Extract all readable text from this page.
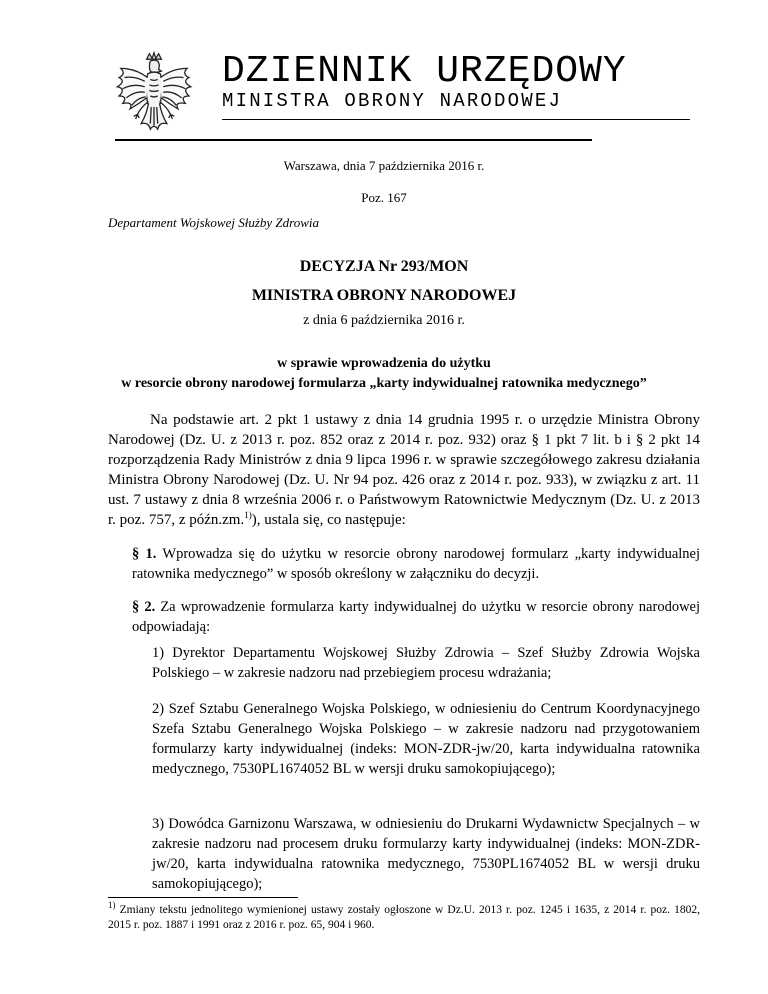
DZIENNIK URZĘDOWY
MINISTRA OBRONY NARODOWEJ
Warszawa, dnia 7 października 2016 r.
Poz. 167
Departament Wojskowej Służby Zdrowia
DECYZJA Nr 293/MON
MINISTRA OBRONY NARODOWEJ
z dnia 6 października 2016 r.
w sprawie wprowadzenia do użytku
w resorcie obrony narodowej formularza „karty indywidualnej ratownika medycznego”
Na podstawie art. 2 pkt 1 ustawy z dnia 14 grudnia 1995 r. o urzędzie Ministra Obrony Narodowej (Dz. U. z 2013 r. poz. 852 oraz z 2014 r. poz. 932) oraz § 1 pkt 7 lit. b i § 2 pkt 14 rozporządzenia Rady Ministrów z dnia 9 lipca 1996 r. w sprawie szczegółowego zakresu działania Ministra Obrony Narodowej (Dz. U. Nr 94 poz. 426 oraz z 2014 r. poz. 933), w związku z art. 11 ust. 7 ustawy z dnia 8 września 2006 r. o Państwowym Ratownictwie Medycznym (Dz. U. z 2013 r. poz. 757, z późn.zm.$^{1)}$), ustala się, co następuje:
§ 1. Wprowadza się do użytku w resorcie obrony narodowej formularz „karty indywidualnej ratownika medycznego” w sposób określony w załączniku do decyzji.
§ 2. Za wprowadzenie formularza karty indywidualnej do użytku w resorcie obrony narodowej odpowiadają:
1) Dyrektor Departamentu Wojskowej Służby Zdrowia – Szef Służby Zdrowia Wojska Polskiego – w zakresie nadzoru nad przebiegiem procesu wdrażania;
2) Szef Sztabu Generalnego Wojska Polskiego, w odniesieniu do Centrum Koordynacyjnego Szefa Sztabu Generalnego Wojska Polskiego – w zakresie nadzoru nad przygotowaniem formularzy karty indywidualnej (indeks: MON-ZDR-jw/20, karta indywidualna ratownika medycznego, 7530PL1674052 BL w wersji druku samokopiującego);
3) Dowódca Garnizonu Warszawa, w odniesieniu do Drukarni Wydawnictw Specjalnych – w zakresie nadzoru nad procesem druku formularzy karty indywidualnej (indeks: MON-ZDR- jw/20, karta indywidualna ratownika medycznego, 7530PL1674052 BL w wersji druku samokopiującego);
$^{1)}$ Zmiany tekstu jednolitego wymienionej ustawy zostały ogłoszone w Dz.U. 2013 r. poz. 1245 i 1635, z 2014 r. poz. 1802, 2015 r. poz. 1887 i 1991 oraz z 2016 r. poz. 65, 904 i 960.
